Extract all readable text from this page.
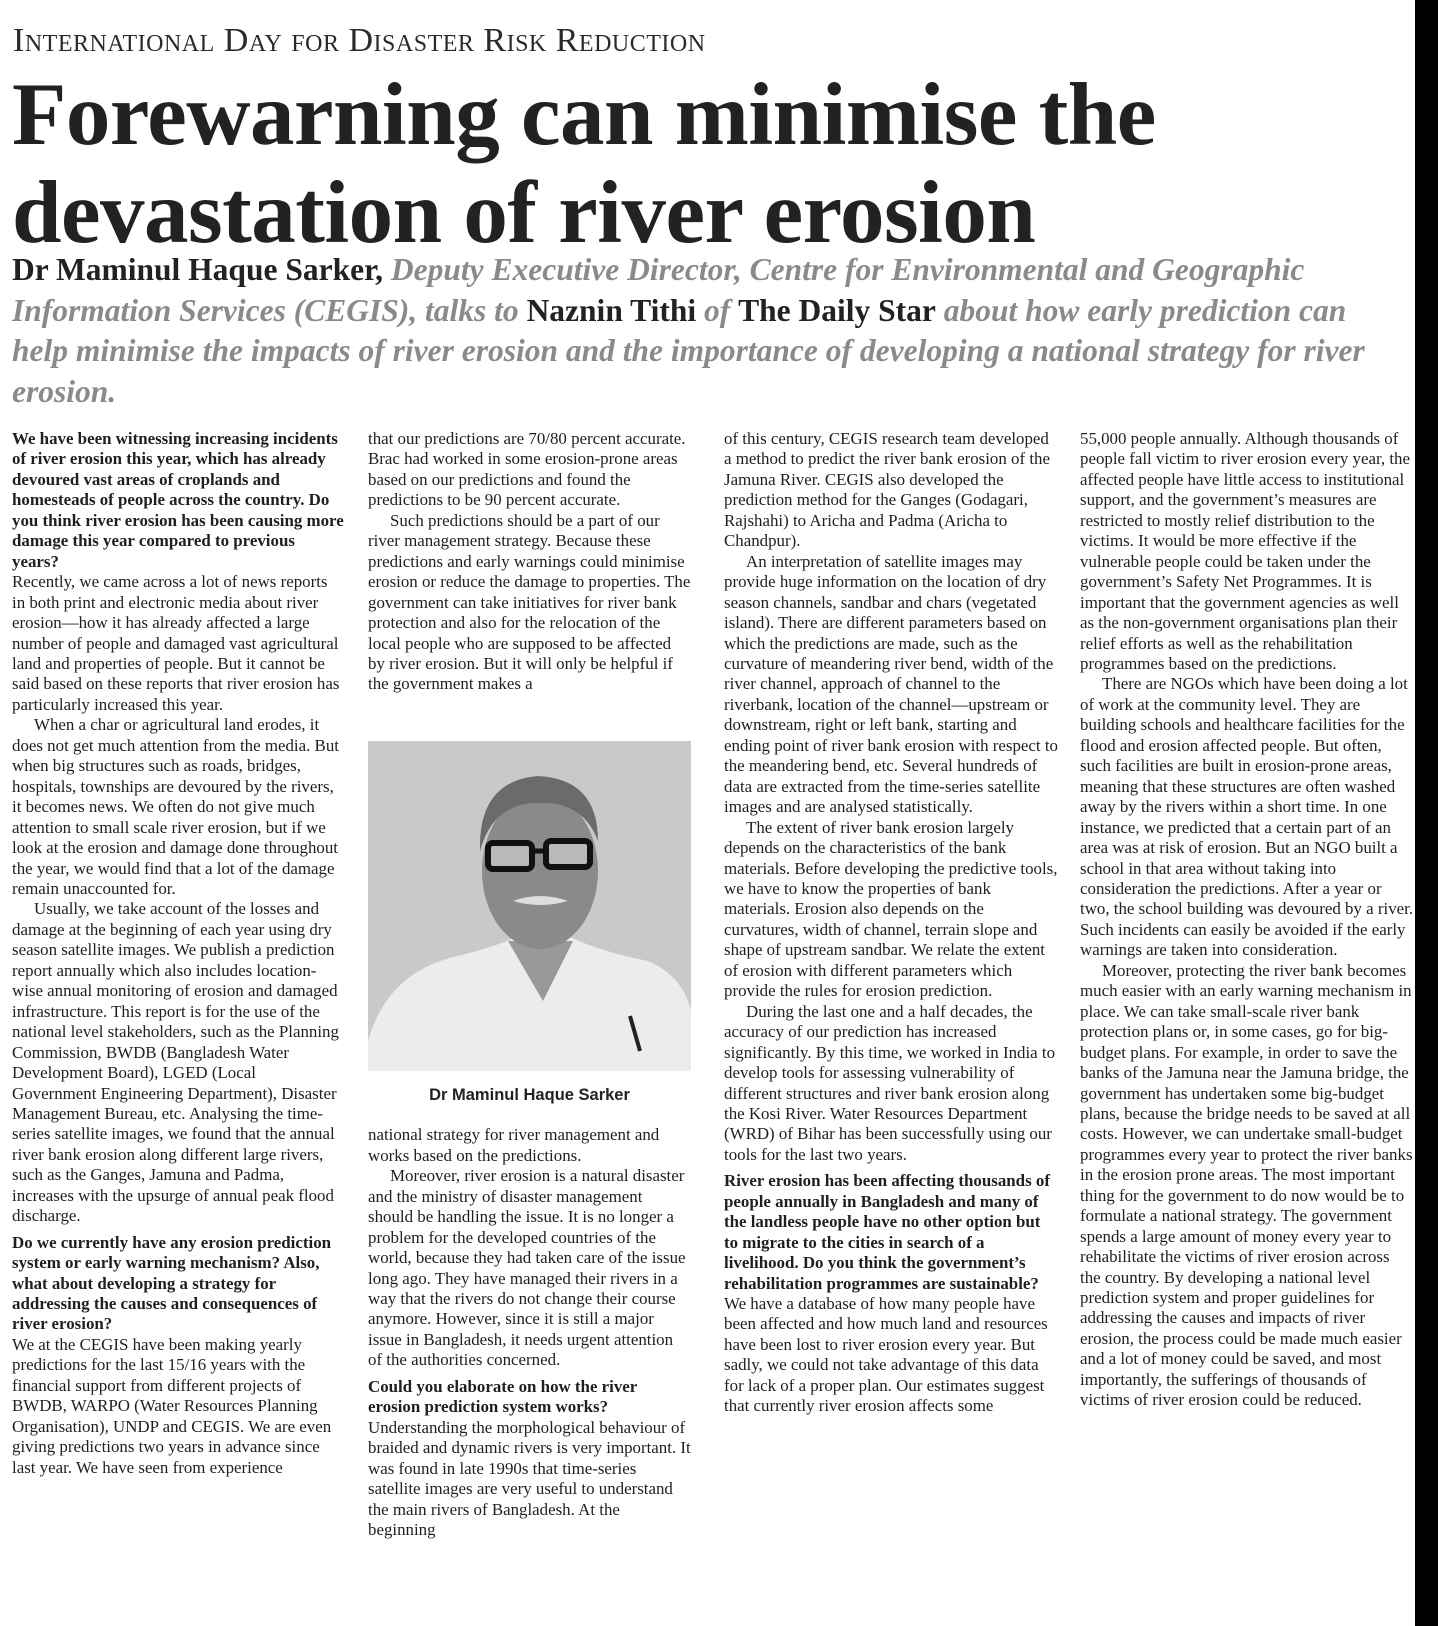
International Day for Disaster Risk Reduction
Forewarning can minimise the devastation of river erosion
Dr Maminul Haque Sarker, Deputy Executive Director, Centre for Environmental and Geographic Information Services (CEGIS), talks to Naznin Tithi of The Daily Star about how early prediction can help minimise the impacts of river erosion and the importance of developing a national strategy for river erosion.

We have been witnessing increasing incidents of river erosion this year, which has already devoured vast areas of croplands and homesteads of people across the country. Do you think river erosion has been causing more damage this year compared to previous years?

Recently, we came across a lot of news reports in both print and electronic media about river erosion—how it has already affected a large number of people and damaged vast agricultural land and properties of people. But it cannot be said based on these reports that river erosion has particularly increased this year.

When a char or agricultural land erodes, it does not get much attention from the media. But when big structures such as roads, bridges, hospitals, townships are devoured by the rivers, it becomes news. We often do not give much attention to small scale river erosion, but if we look at the erosion and damage done throughout the year, we would find that a lot of the damage remain unaccounted for.

Usually, we take account of the losses and damage at the beginning of each year using dry season satellite images. We publish a prediction report annually which also includes location-wise annual monitoring of erosion and damaged infrastructure. This report is for the use of the national level stakeholders, such as the Planning Commission, BWDB (Bangladesh Water Development Board), LGED (Local Government Engineering Department), Disaster Management Bureau, etc. Analysing the time-series satellite images, we found that the annual river bank erosion along different large rivers, such as the Ganges, Jamuna and Padma, increases with the upsurge of annual peak flood discharge.

Do we currently have any erosion prediction system or early warning mechanism? Also, what about developing a strategy for addressing the causes and consequences of river erosion?

We at the CEGIS have been making yearly predictions for the last 15/16 years with the financial support from different projects of BWDB, WARPO (Water Resources Planning Organisation), UNDP and CEGIS. We are even giving predictions two years in advance since last year. We have seen from experience

that our predictions are 70/80 percent accurate. Brac had worked in some erosion-prone areas based on our predictions and found the predictions to be 90 percent accurate.

Such predictions should be a part of our river management strategy. Because these predictions and early warnings could minimise erosion or reduce the damage to properties. The government can take initiatives for river bank protection and also for the relocation of the local people who are supposed to be affected by river erosion. But it will only be helpful if the government makes a

Dr Maminul Haque Sarker

national strategy for river management and works based on the predictions.

Moreover, river erosion is a natural disaster and the ministry of disaster management should be handling the issue. It is no longer a problem for the developed countries of the world, because they had taken care of the issue long ago. They have managed their rivers in a way that the rivers do not change their course anymore. However, since it is still a major issue in Bangladesh, it needs urgent attention of the authorities concerned.

Could you elaborate on how the river erosion prediction system works?

Understanding the morphological behaviour of braided and dynamic rivers is very important. It was found in late 1990s that time-series satellite images are very useful to understand the main rivers of Bangladesh. At the beginning

of this century, CEGIS research team developed a method to predict the river bank erosion of the Jamuna River. CEGIS also developed the prediction method for the Ganges (Godagari, Rajshahi) to Aricha and Padma (Aricha to Chandpur).

An interpretation of satellite images may provide huge information on the location of dry season channels, sandbar and chars (vegetated island). There are different parameters based on which the predictions are made, such as the curvature of meandering river bend, width of the river channel, approach of channel to the riverbank, location of the channel—upstream or downstream, right or left bank, starting and ending point of river bank erosion with respect to the meandering bend, etc. Several hundreds of data are extracted from the time-series satellite images and are analysed statistically.

The extent of river bank erosion largely depends on the characteristics of the bank materials. Before developing the predictive tools, we have to know the properties of bank materials. Erosion also depends on the curvatures, width of channel, terrain slope and shape of upstream sandbar. We relate the extent of erosion with different parameters which provide the rules for erosion prediction.

During the last one and a half decades, the accuracy of our prediction has increased significantly. By this time, we worked in India to develop tools for assessing vulnerability of different structures and river bank erosion along the Kosi River. Water Resources Department (WRD) of Bihar has been successfully using our tools for the last two years.

River erosion has been affecting thousands of people annually in Bangladesh and many of the landless people have no other option but to migrate to the cities in search of a livelihood. Do you think the government’s rehabilitation programmes are sustainable?

We have a database of how many people have been affected and how much land and resources have been lost to river erosion every year. But sadly, we could not take advantage of this data for lack of a proper plan. Our estimates suggest that currently river erosion affects some

55,000 people annually. Although thousands of people fall victim to river erosion every year, the affected people have little access to institutional support, and the government’s measures are restricted to mostly relief distribution to the victims. It would be more effective if the vulnerable people could be taken under the government’s Safety Net Programmes. It is important that the government agencies as well as the non-government organisations plan their relief efforts as well as the rehabilitation programmes based on the predictions.

There are NGOs which have been doing a lot of work at the community level. They are building schools and healthcare facilities for the flood and erosion affected people. But often, such facilities are built in erosion-prone areas, meaning that these structures are often washed away by the rivers within a short time. In one instance, we predicted that a certain part of an area was at risk of erosion. But an NGO built a school in that area without taking into consideration the predictions. After a year or two, the school building was devoured by a river. Such incidents can easily be avoided if the early warnings are taken into consideration.

Moreover, protecting the river bank becomes much easier with an early warning mechanism in place. We can take small-scale river bank protection plans or, in some cases, go for big-budget plans. For example, in order to save the banks of the Jamuna near the Jamuna bridge, the government has undertaken some big-budget plans, because the bridge needs to be saved at all costs. However, we can undertake small-budget programmes every year to protect the river banks in the erosion prone areas. The most important thing for the government to do now would be to formulate a national strategy. The government spends a large amount of money every year to rehabilitate the victims of river erosion across the country. By developing a national level prediction system and proper guidelines for addressing the causes and impacts of river erosion, the process could be made much easier and a lot of money could be saved, and most importantly, the sufferings of thousands of victims of river erosion could be reduced.
